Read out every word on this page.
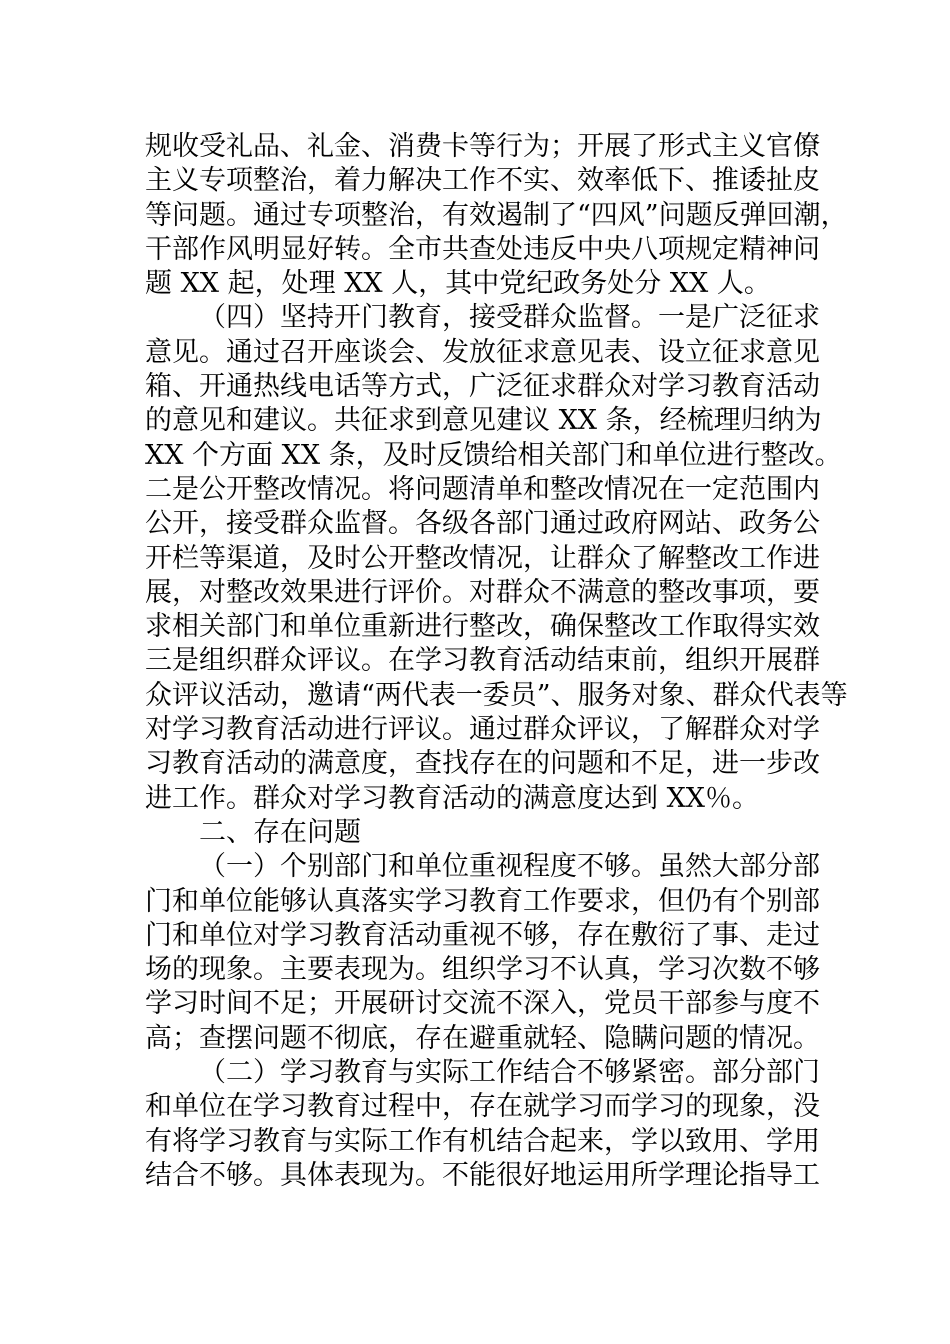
规收受礼品、礼金、消费卡等行为；开展了形式主义官僚
主义专项整治，着力解决工作不实、效率低下、推诿扯皮
等问题。通过专项整治，有效遏制了“四风”问题反弹回潮，
干部作风明显好转。全市共查处违反中央八项规定精神问
题 XX 起，处理 XX 人，其中党纪政务处分 XX 人。
（四）坚持开门教育，接受群众监督。一是广泛征求
意见。通过召开座谈会、发放征求意见表、设立征求意见
箱、开通热线电话等方式，广泛征求群众对学习教育活动
的意见和建议。共征求到意见建议 XX 条，经梳理归纳为
XX 个方面 XX 条，及时反馈给相关部门和单位进行整改。
二是公开整改情况。将问题清单和整改情况在一定范围内
公开，接受群众监督。各级各部门通过政府网站、政务公
开栏等渠道，及时公开整改情况，让群众了解整改工作进
展，对整改效果进行评价。对群众不满意的整改事项，要
求相关部门和单位重新进行整改，确保整改工作取得实效
三是组织群众评议。在学习教育活动结束前，组织开展群
众评议活动，邀请“两代表一委员”、服务对象、群众代表等
对学习教育活动进行评议。通过群众评议，了解群众对学
习教育活动的满意度，查找存在的问题和不足，进一步改
进工作。群众对学习教育活动的满意度达到 XX％。
二、存在问题
（一）个别部门和单位重视程度不够。虽然大部分部
门和单位能够认真落实学习教育工作要求，但仍有个别部
门和单位对学习教育活动重视不够，存在敷衍了事、走过
场的现象。主要表现为。组织学习不认真，学习次数不够
学习时间不足；开展研讨交流不深入，党员干部参与度不
高；查摆问题不彻底，存在避重就轻、隐瞒问题的情况。
（二）学习教育与实际工作结合不够紧密。部分部门
和单位在学习教育过程中，存在就学习而学习的现象，没
有将学习教育与实际工作有机结合起来，学以致用、学用
结合不够。具体表现为。不能很好地运用所学理论指导工
